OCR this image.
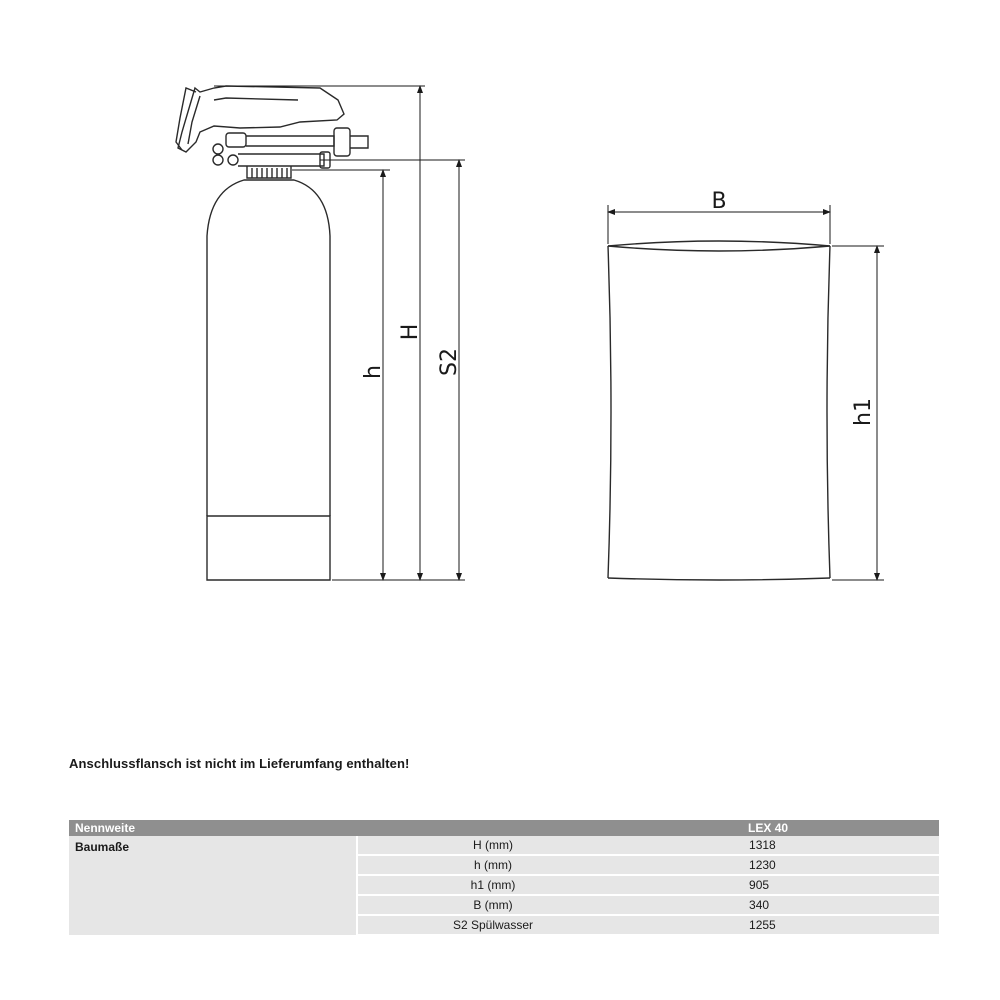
h
H
S2
B
h1
Anschlussflansch ist nicht im Lieferumfang enthalten!
Nennweite		LEX 40
Baumaße	H (mm)	1318
	h (mm)	1230
	h1 (mm)	905
	B (mm)	340
	S2 Spülwasser	1255
